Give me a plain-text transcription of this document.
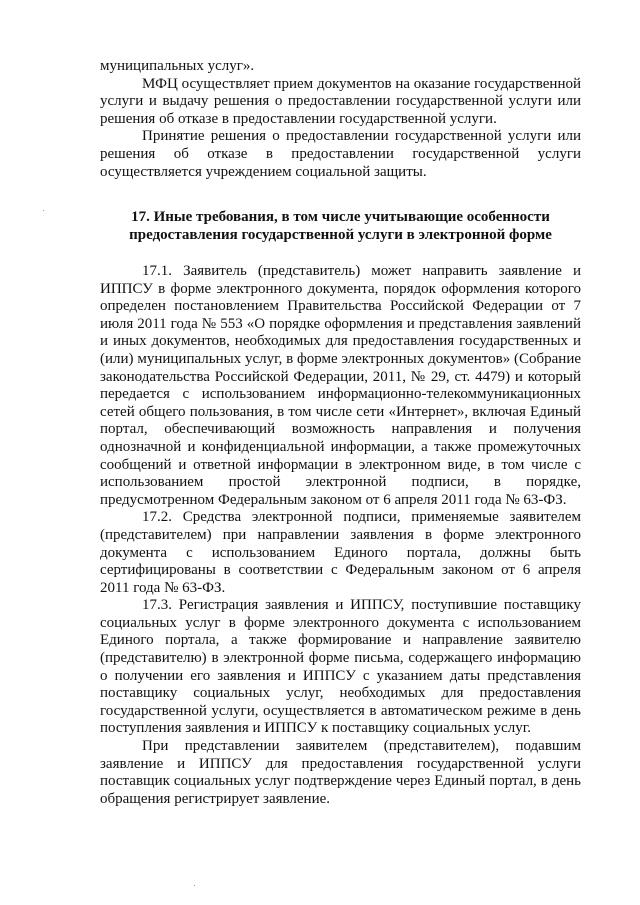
муниципальных услуг».

МФЦ осуществляет прием документов на оказание государственной услуги и выдачу решения о предоставлении государственной услуги или решения об отказе в предоставлении государственной услуги.

Принятие решения о предоставлении государственной услуги или решения об отказе в предоставлении государственной услуги осуществляется учреждением социальной защиты.

17. Иные требования, в том числе учитывающие особенности предоставления государственной услуги в электронной форме

17.1. Заявитель (представитель) может направить заявление и ИППСУ в форме электронного документа, порядок оформления которого определен постановлением Правительства Российской Федерации от 7 июля 2011 года № 553 «О порядке оформления и представления заявлений и иных документов, необходимых для предоставления государственных и (или) муниципальных услуг, в форме электронных документов» (Собрание законодательства Российской Федерации, 2011, № 29, ст. 4479) и который передается с использованием информационно-телекоммуникационных сетей общего пользования, в том числе сети «Интернет», включая Единый портал, обеспечивающий возможность направления и получения однозначной и конфиденциальной информации, а также промежуточных сообщений и ответной информации в электронном виде, в том числе с использованием простой электронной подписи, в порядке, предусмотренном Федеральным законом от 6 апреля 2011 года № 63-ФЗ.

17.2. Средства электронной подписи, применяемые заявителем (представителем) при направлении заявления в форме электронного документа с использованием Единого портала, должны быть сертифицированы в соответствии с Федеральным законом от 6 апреля 2011 года № 63-ФЗ.

17.3. Регистрация заявления и ИППСУ, поступившие поставщику социальных услуг в форме электронного документа с использованием Единого портала, а также формирование и направление заявителю (представителю) в электронной форме письма, содержащего информацию о получении его заявления и ИППСУ с указанием даты представления поставщику социальных услуг, необходимых для предоставления государственной услуги, осуществляется в автоматическом режиме в день поступления заявления и ИППСУ к поставщику социальных услуг.

При представлении заявителем (представителем), подавшим заявление и ИППСУ для предоставления государственной услуги поставщик социальных услуг подтверждение через Единый портал, в день обращения регистрирует заявление.
